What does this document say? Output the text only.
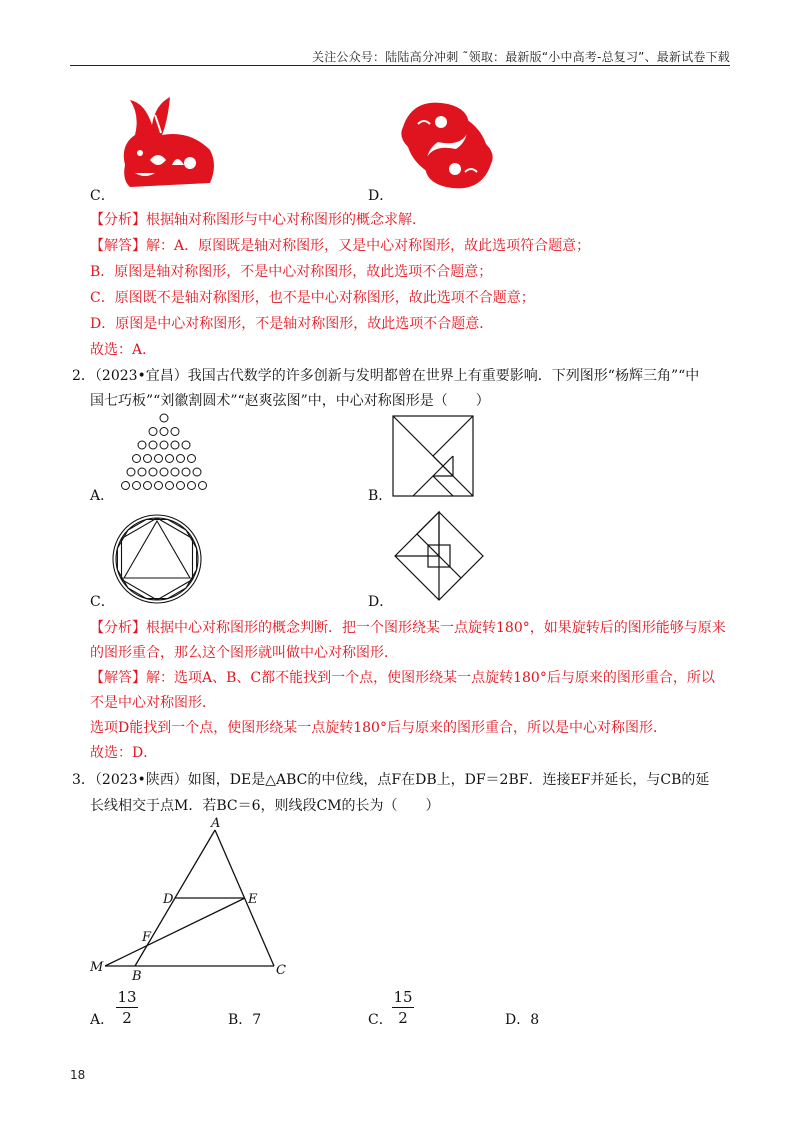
关注公众号：陆陆高分冲刺 ˜领取：最新版“小中高考-总复习”、最新试卷下载
C．	D．
【分析】根据轴对称图形与中心对称图形的概念求解．
【解答】解：A．原图既是轴对称图形，又是中心对称图形，故此选项符合题意；
B．原图是轴对称图形，不是中心对称图形，故此选项不合题意；
C．原图既不是轴对称图形，也不是中心对称图形，故此选项不合题意；
D．原图是中心对称图形，不是轴对称图形，故此选项不合题意．
故选：A．
2．（2023•宜昌）我国古代数学的许多创新与发明都曾在世界上有重要影响．下列图形“杨辉三角”“中
国七巧板”“刘徽割圆术”“赵爽弦图”中，中心对称图形是（　　）
A．	B．
C．	D．
【分析】根据中心对称图形的概念判断．把一个图形绕某一点旋转180°，如果旋转后的图形能够与原来
的图形重合，那么这个图形就叫做中心对称图形．
【解答】解：选项A、B、C都不能找到一个点，使图形绕某一点旋转180°后与原来的图形重合，所以
不是中心对称图形．
选项D能找到一个点，使图形绕某一点旋转180°后与原来的图形重合，所以是中心对称图形．
故选：D．
3．（2023•陕西）如图，DE是△ABC的中位线，点F在DB上，DF＝2BF．连接EF并延长，与CB的延
长线相交于点M．若BC＝6，则线段CM的长为（　　）
A
D	E
F
M
B	C
A．
13
2	B．7	C．
15
2	D．8
18
